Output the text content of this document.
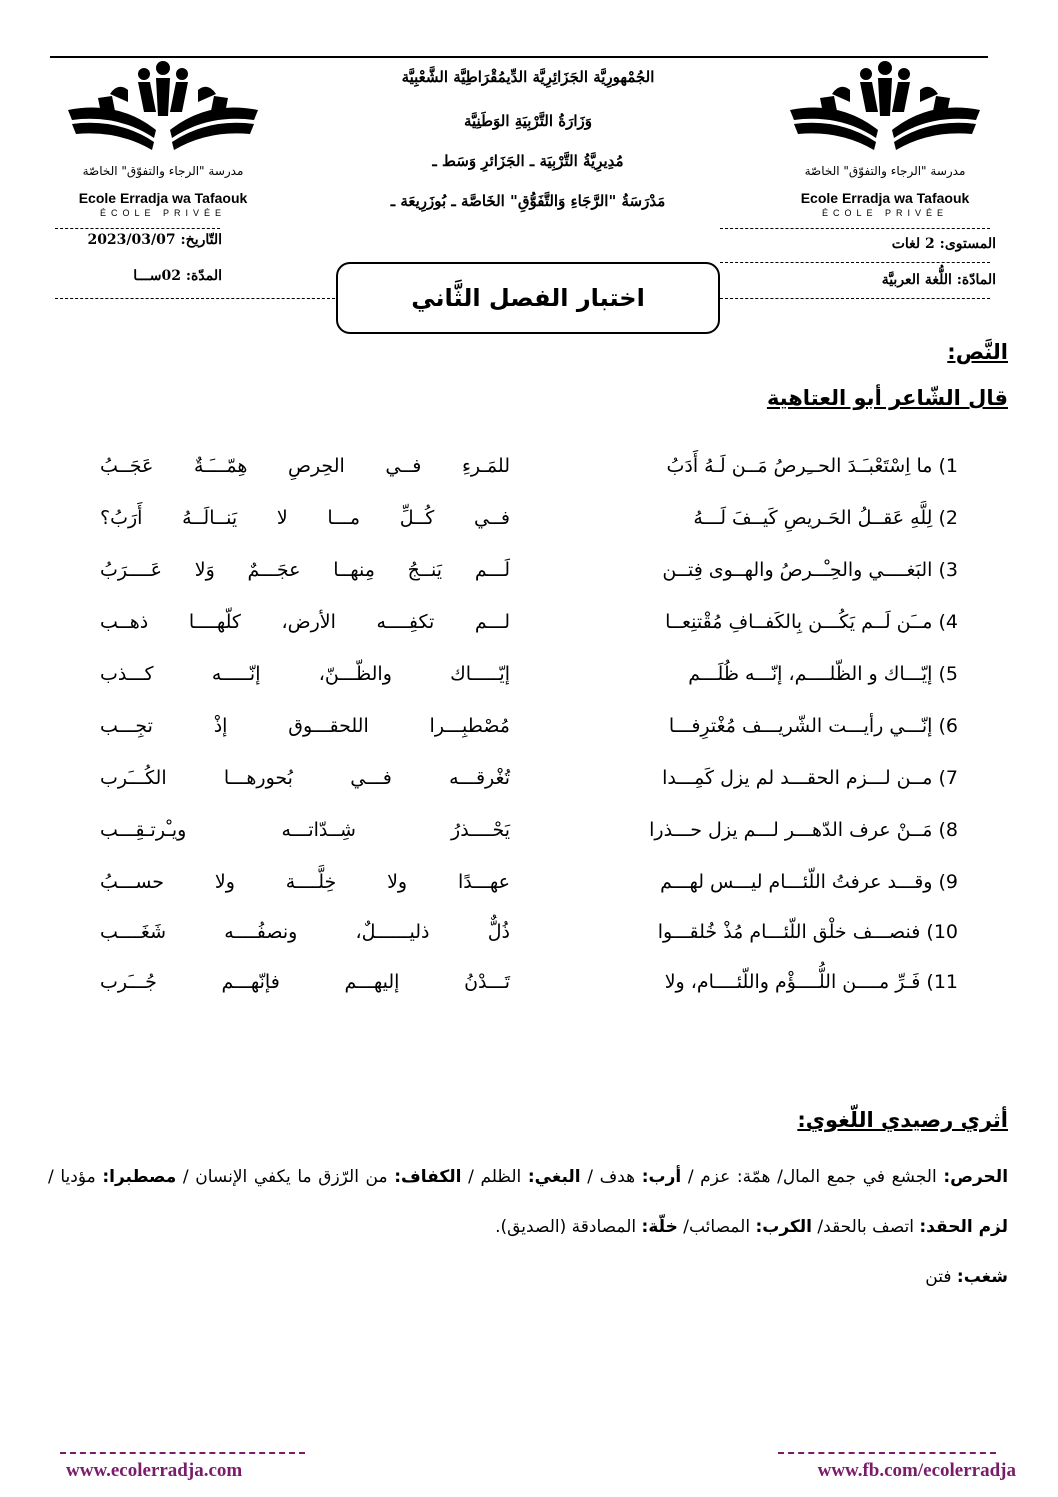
مدرسة "الرجاء والتفوّق" الخاصّة
Ecole Erradja wa Tafaouk
ÉCOLE PRIVÉE
مدرسة "الرجاء والتفوّق" الخاصّة
Ecole Erradja wa Tafaouk
ÉCOLE PRIVÉE
الجُمْهورِيَّة الجَزَائِرِيَّة الدِّيمُقْرَاطِيَّة الشَّعْبِيَّة
وَزَارَةُ التَّرْبِيَةِ الوَطَنِيَّة
مُدِيرِيَّةُ التَّرْبِيَة ـ الجَزَائرِ وَسَط ـ
مَدْرَسَةُ "الرَّجَاءِ وَالتَّفَوُّقِ" الخَاصَّة ـ بُوزَرِيعَة ـ
التّاريخ: 2023/03/07
المدّة: 02ســـا
المستوى: 2 لغات
المادّة: اللُّغة العربيَّة
اختبار الفصل الثَّاني
النَّص:
قال الشّاعر أبو العتاهية
1) ما اِسْتَعْبـَـدَ الحــِرصُ مَــن لَـهُ أَدَبُ
للمَـرءِ فــي الحِرصِ هِمّـــَـةٌ عَجَــبُ
2) لِلَّهِ عَقــلُ الحَـريصِ كَيــفَ لَـــهُ
فــي كُــلِّ مـــا لا يَنــالَــهُ أَرَبُ؟
3) البَغــــي والحِـْــرصُ والهــوى فِتــن
لَـــم يَنــجُ مِنهــا عجَـــمٌ وَلا عَــــرَبُ
4) مــَن لَــم يَكُـــن بِالكَفــافِ مُقْتنِعــا
لـــم تكفِــــه الأرض، كلّهــــا ذهــب
5) إيّـــاك و الظّلــــم، إنّـــه ظُلَـــم
إيّـــــاك والظّـــنّ، إنّـــــه كـــذب
6) إنّـــي رأيـــت الشّريـــف مُغْترِفـــا
مُصْطبِـــرا اللحقـــوق إذْ تجِـــب
7) مــن لـــزم الحقـــد لم يزل كَمِـــدا
تُغْرقـــه فـــي بُحورهـــا الكُـــَرب
8) مَــنْ عرف الدّهـــر لـــم يزل حـــذرا
يَحْــــذرُ شِــدّاتـــه ويـْرتـقِـــب
9) وقـــد عرفتُ اللّئـــام ليـــس لهـــم
عهـــدًا ولا خِلَّــــة ولا حســـبُ
10) فنصـــف خلْق اللّئـــام مُذْ خُلقـــوا
ذُلٌّ ذليــــــلٌ، ونصفُــــه شَغَــــب
11) فَـرِّ مــــن اللُّــــؤْم واللّئــــام، ولا
تَـــدْنُ إليهـــم فإنّهـــم جُـــَرب
أثري رصيدي اللّغوي:
الحرص: الجشع في جمع المال/ همّة: عزم / أرب: هدف / البغي: الظلم / الكفاف: من الرّزق ما يكفي الإنسان / مصطبرا: مؤديا / لزم الحقد: اتصف بالحقد/ الكرب: المصائب/ خلّة: المصادقة (الصديق).
شغب: فتن
www.ecolerradja.com	www.fb.com/ecolerradja
